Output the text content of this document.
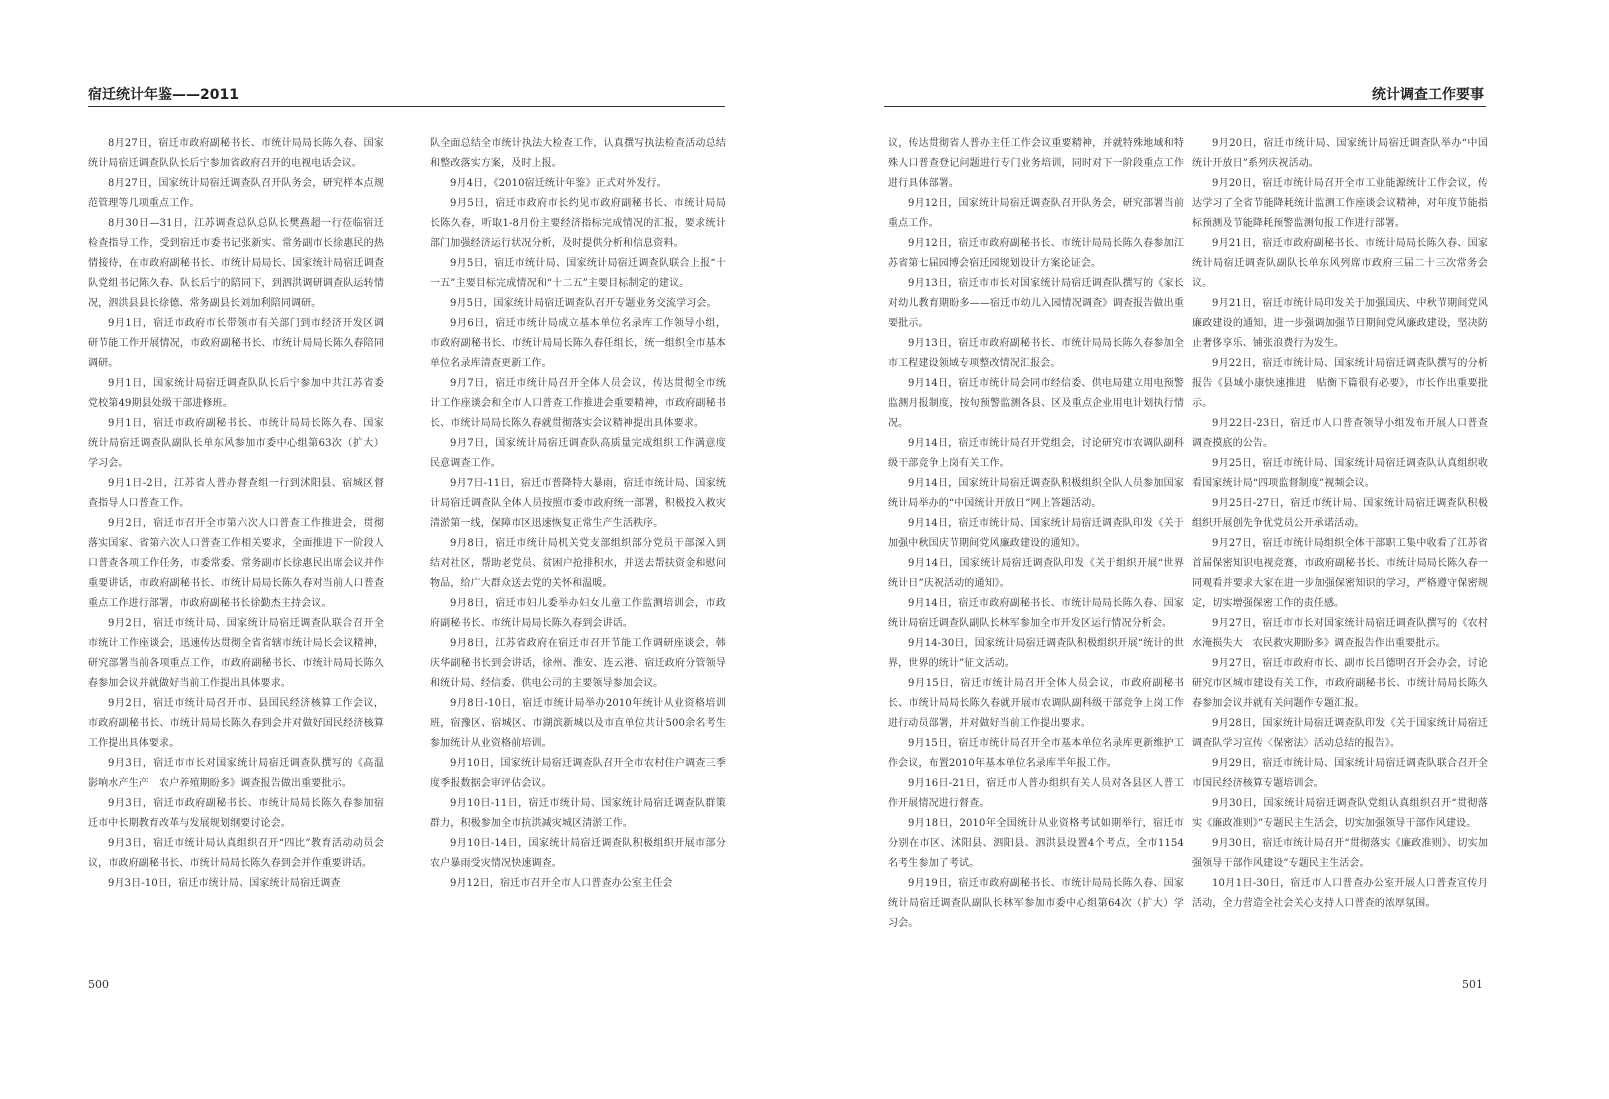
宿迁统计年鉴——2011

8月27日，宿迁市政府副秘书长、市统计局局长陈久春、国家统计局宿迁调查队队长后宁参加省政府召开的电视电话会议。

8月27日，国家统计局宿迁调查队召开队务会，研究样本点规范管理等几项重点工作。

8月30日—31日，江苏调查总队总队长樊燕超一行莅临宿迁检查指导工作，受到宿迁市委书记张新实、常务副市长徐惠民的热情接待，在市政府副秘书长、市统计局局长、国家统计局宿迁调查队党组书记陈久春、队长后宁的陪同下，到泗洪调研调查队运转情况，泗洪县县长徐德、常务副县长刘加利陪同调研。

9月1日，宿迁市政府市长带领市有关部门到市经济开发区调研节能工作开展情况，市政府副秘书长、市统计局局长陈久春陪同调研。

9月1日，国家统计局宿迁调查队队长后宁参加中共江苏省委党校第49期县处级干部进修班。

9月1日，宿迁市政府副秘书长、市统计局局长陈久春、国家统计局宿迁调查队副队长单东风参加市委中心组第63次（扩大）学习会。

9月1日-2日，江苏省人普办督查组一行到沭阳县、宿城区督查指导人口普查工作。

9月2日，宿迁市召开全市第六次人口普查工作推进会，贯彻落实国家、省第六次人口普查工作相关要求，全面推进下一阶段人口普查各项工作任务，市委常委、常务副市长徐惠民出席会议并作重要讲话，市政府副秘书长、市统计局局长陈久春对当前人口普查重点工作进行部署，市政府副秘书长徐勤杰主持会议。

9月2日，宿迁市统计局、国家统计局宿迁调查队联合召开全市统计工作座谈会，迅速传达贯彻全省省辖市统计局长会议精神，研究部署当前各项重点工作，市政府副秘书长、市统计局局长陈久春参加会议并就做好当前工作提出具体要求。

9月2日，宿迁市统计局召开市、县国民经济核算工作会议，市政府副秘书长、市统计局局长陈久春到会并对做好国民经济核算工作提出具体要求。

9月3日，宿迁市市长对国家统计局宿迁调查队撰写的《高温影响水产生产　农户养殖期盼多》调查报告做出重要批示。

9月3日，宿迁市政府副秘书长、市统计局局长陈久春参加宿迁市中长期教育改革与发展规划纲要讨论会。

9月3日，宿迁市统计局认真组织召开“四比”教育活动动员会议，市政府副秘书长、市统计局局长陈久春到会并作重要讲话。

9月3日-10日，宿迁市统计局、国家统计局宿迁调查

队全面总结全市统计执法大检查工作，认真撰写执法检查活动总结和整改落实方案，及时上报。

9月4日，《2010宿迁统计年鉴》正式对外发行。

9月5日，宿迁市政府市长约见市政府副秘书长、市统计局局长陈久春，听取1-8月份主要经济指标完成情况的汇报，要求统计部门加强经济运行状况分析，及时提供分析和信息资料。

9月5日，宿迁市统计局、国家统计局宿迁调查队联合上报“十一五”主要目标完成情况和“十二五”主要目标制定的建议。

9月5日，国家统计局宿迁调查队召开专题业务交流学习会。

9月6日，宿迁市统计局成立基本单位名录库工作领导小组，市政府副秘书长、市统计局局长陈久春任组长，统一组织全市基本单位名录库清查更新工作。

9月7日，宿迁市统计局召开全体人员会议，传达贯彻全市统计工作座谈会和全市人口普查工作推进会重要精神，市政府副秘书长、市统计局局长陈久春就贯彻落实会议精神提出具体要求。

9月7日，国家统计局宿迁调查队高质量完成组织工作满意度民意调查工作。

9月7日-11日，宿迁市普降特大暴雨，宿迁市统计局、国家统计局宿迁调查队全体人员按照市委市政府统一部署，积极投入救灾清淤第一线，保障市区迅速恢复正常生产生活秩序。

9月8日，宿迁市统计局机关党支部组织部分党员干部深入到结对社区，帮助老党员、贫困户抢排积水，并送去帮扶资金和慰问物品，给广大群众送去党的关怀和温暖。

9月8日，宿迁市妇儿委举办妇女儿童工作监测培训会，市政府副秘书长、市统计局局长陈久春到会讲话。

9月8日，江苏省政府在宿迁市召开节能工作调研座谈会，韩庆华副秘书长到会讲话，徐州、淮安、连云港、宿迁政府分管领导和统计局、经信委、供电公司的主要领导参加会议。

9月8日-10日，宿迁市统计局举办2010年统计从业资格培训班，宿豫区、宿城区、市湖滨新城以及市直单位共计500余名考生参加统计从业资格前培训。

9月10日，国家统计局宿迁调查队召开全市农村住户调查三季度季报数据会审评估会议。

9月10日-11日，宿迁市统计局、国家统计局宿迁调查队群策群力，积极参加全市抗洪减灾城区清淤工作。

9月10日-14日，国家统计局宿迁调查队积极组织开展市部分农户暴雨受灾情况快速调查。

9月12日，宿迁市召开全市人口普查办公室主任会

500
统计调查工作要事

议，传达贯彻省人普办主任工作会议重要精神，并就特殊地域和特殊人口普查登记问题进行专门业务培训，同时对下一阶段重点工作进行具体部署。

9月12日，国家统计局宿迁调查队召开队务会，研究部署当前重点工作。

9月12日，宿迁市政府副秘书长、市统计局局长陈久春参加江苏省第七届园博会宿迁园规划设计方案论证会。

9月13日，宿迁市市长对国家统计局宿迁调查队撰写的《家长对幼儿教育期盼多——宿迁市幼儿入园情况调查》调查报告做出重要批示。

9月13日，宿迁市政府副秘书长、市统计局局长陈久春参加全市工程建设领域专项整改情况汇报会。

9月14日，宿迁市统计局会同市经信委、供电局建立用电预警监测月报制度，按旬预警监测各县、区及重点企业用电计划执行情况。

9月14日，宿迁市统计局召开党组会，讨论研究市农调队副科级干部竞争上岗有关工作。

9月14日，国家统计局宿迁调查队积极组织全队人员参加国家统计局举办的“中国统计开放日”网上答题活动。

9月14日，宿迁市统计局、国家统计局宿迁调查队印发《关于加强中秋国庆节期间党风廉政建设的通知》。

9月14日，国家统计局宿迁调查队印发《关于组织开展“世界统计日”庆祝活动的通知》。

9月14日，宿迁市政府副秘书长、市统计局局长陈久春、国家统计局宿迁调查队副队长林军参加全市开发区运行情况分析会。

9月14-30日，国家统计局宿迁调查队积极组织开展“统计的世界，世界的统计”征文活动。

9月15日，宿迁市统计局召开全体人员会议，市政府副秘书长、市统计局局长陈久春就开展市农调队副科级干部竞争上岗工作进行动员部署，并对做好当前工作提出要求。

9月15日，宿迁市统计局召开全市基本单位名录库更新维护工作会议，布置2010年基本单位名录库半年报工作。

9月16日-21日，宿迁市人普办组织有关人员对各县区人普工作开展情况进行督查。

9月18日，2010年全国统计从业资格考试如期举行，宿迁市分别在市区、沭阳县、泗阳县、泗洪县设置4个考点，全市1154名考生参加了考试。

9月19日，宿迁市政府副秘书长、市统计局局长陈久春、国家统计局宿迁调查队副队长林军参加市委中心组第64次（扩大）学习会。

9月20日，宿迁市统计局、国家统计局宿迁调查队举办“中国统计开放日”系列庆祝活动。

9月20日，宿迁市统计局召开全市工业能源统计工作会议，传达学习了全省节能降耗统计监测工作座谈会议精神，对年度节能指标预测及节能降耗预警监测旬报工作进行部署。

9月21日，宿迁市政府副秘书长、市统计局局长陈久春、国家统计局宿迁调查队副队长单东风列席市政府三届二十三次常务会议。

9月21日，宿迁市统计局印发关于加强国庆、中秋节期间党风廉政建设的通知，进一步强调加强节日期间党风廉政建设，坚决防止奢侈享乐、铺张浪费行为发生。

9月22日，宿迁市统计局、国家统计局宿迁调查队撰写的分析报告《县域小康快速推进　贴衡下篇很有必要》，市长作出重要批示。

9月22日-23日，宿迁市人口普查领导小组发布开展人口普查调查摸底的公告。

9月25日，宿迁市统计局、国家统计局宿迁调查队认真组织收看国家统计局“四项监督制度”视频会议。

9月25日-27日，宿迁市统计局、国家统计局宿迁调查队积极组织开展创先争优党员公开承诺活动。

9月27日，宿迁市统计局组织全体干部职工集中收看了江苏省首届保密知识电视竞赛，市政府副秘书长、市统计局局长陈久春一同观看并要求大家在进一步加强保密知识的学习，严格遵守保密规定，切实增强保密工作的责任感。

9月27日，宿迁市市长对国家统计局宿迁调查队撰写的《农村水淹损失大　农民救灾期盼多》调查报告作出重要批示。

9月27日，宿迁市政府市长、副市长吕德明召开会办会，讨论研究市区城市建设有关工作，市政府副秘书长、市统计局局长陈久春参加会议并就有关问题作专题汇报。

9月28日，国家统计局宿迁调查队印发《关于国家统计局宿迁调查队学习宣传〈保密法〉活动总结的报告》。

9月29日，宿迁市统计局、国家统计局宿迁调查队联合召开全市国民经济核算专题培训会。

9月30日，国家统计局宿迁调查队党组认真组织召开“贯彻落实《廉政准则》”专题民主生活会，切实加强领导干部作风建设。

9月30日，宿迁市统计局召开“贯彻落实《廉政准则》、切实加强领导干部作风建设”专题民主生活会。

10月1日-30日，宿迁市人口普查办公室开展人口普查宣传月活动，全力营造全社会关心支持人口普查的浓厚氛围。

501
